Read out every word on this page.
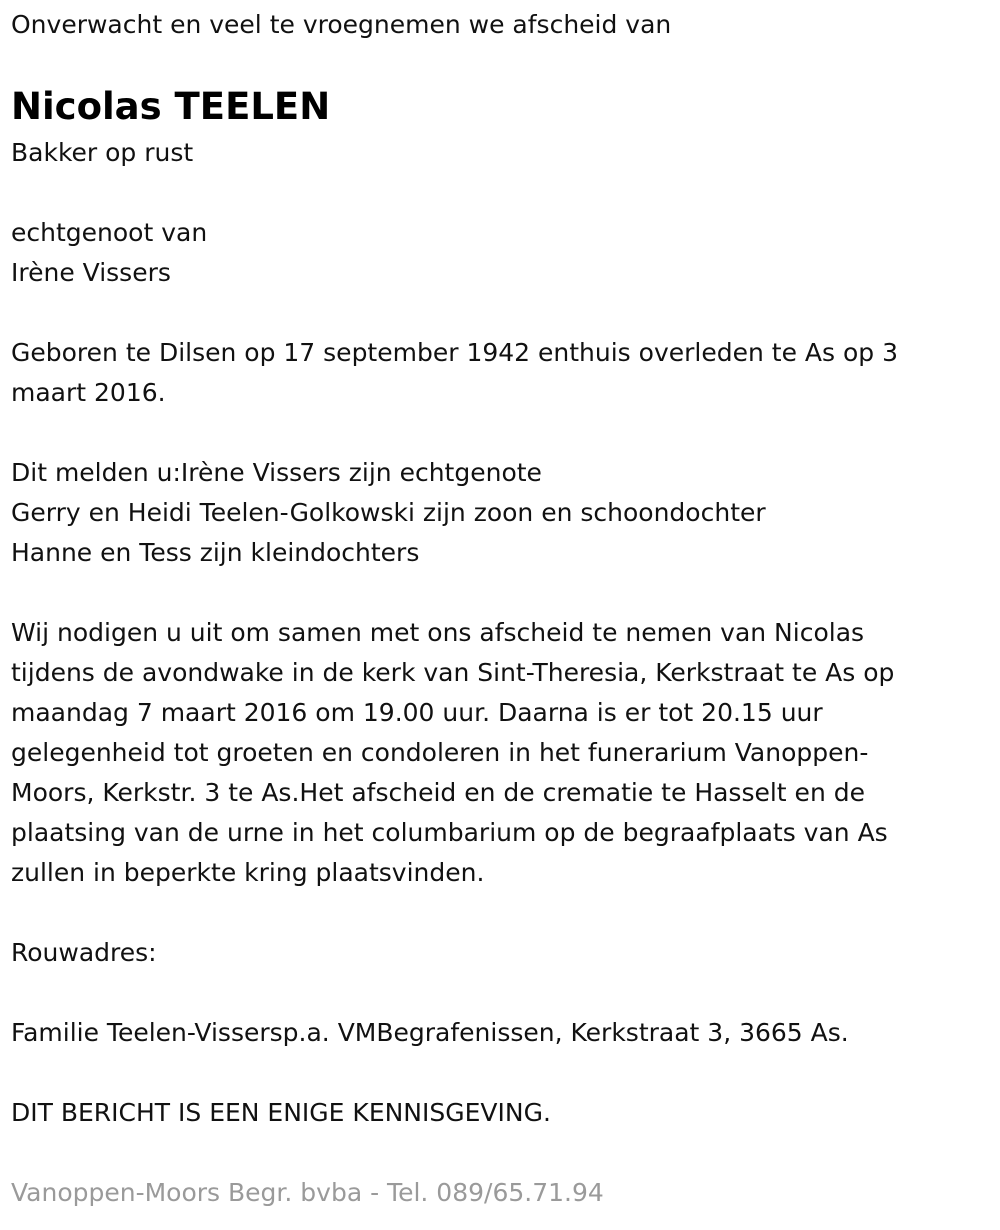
Onverwacht en veel te vroegnemen we afscheid van
Nicolas TEELEN
Bakker op rust
echtgenoot van
Irène Vissers
Geboren te Dilsen op 17 september 1942 enthuis overleden te As op 3
maart 2016.
Dit melden u:Irène Vissers zijn echtgenote
Gerry en Heidi Teelen-Golkowski zijn zoon en schoondochter
Hanne en Tess zijn kleindochters
Wij nodigen u uit om samen met ons afscheid te nemen van Nicolas
tijdens de avondwake in de kerk van Sint-Theresia, Kerkstraat te As op
maandag 7 maart 2016 om 19.00 uur. Daarna is er tot 20.15 uur
gelegenheid tot groeten en condoleren in het funerarium Vanoppen-
Moors, Kerkstr. 3 te As.Het afscheid en de crematie te Hasselt en de
plaatsing van de urne in het columbarium op de begraafplaats van As
zullen in beperkte kring plaatsvinden.
Rouwadres:
Familie Teelen-Vissersp.a. VMBegrafenissen, Kerkstraat 3, 3665 As.
DIT BERICHT IS EEN ENIGE KENNISGEVING.
Vanoppen-Moors Begr. bvba - Tel. 089/65.71.94
